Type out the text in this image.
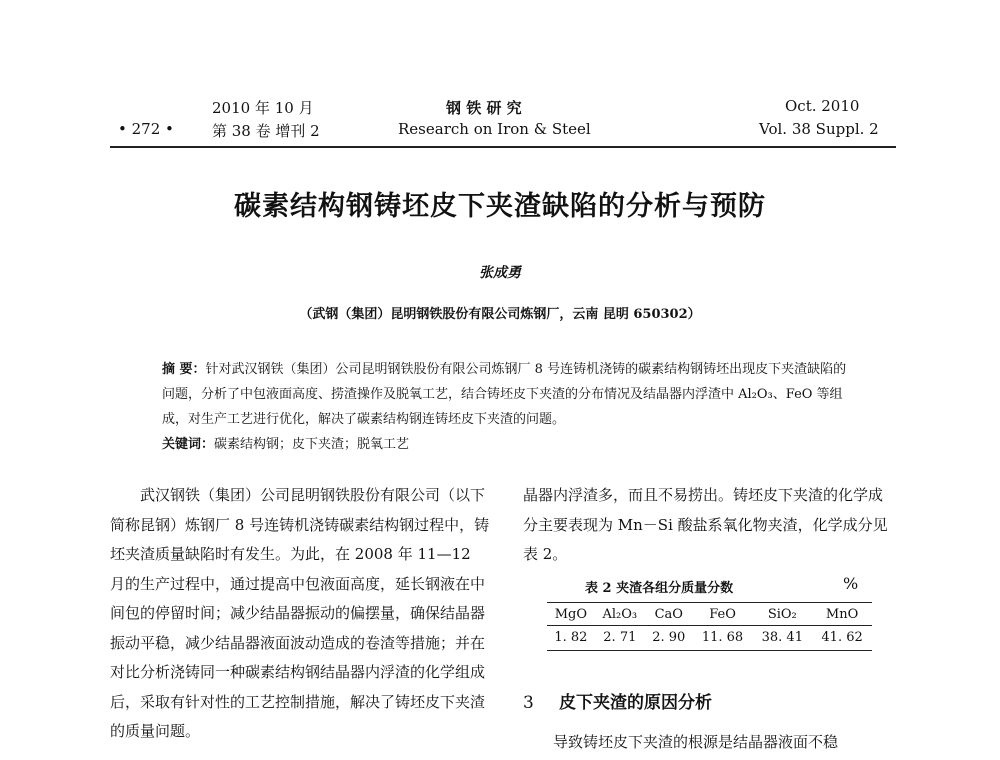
• 272 •
2010 年 10 月
第 38 卷 增刊 2
钢 铁 研 究
Research on Iron & Steel
Oct. 2010
Vol. 38 Suppl. 2
碳素结构钢铸坯皮下夹渣缺陷的分析与预防
张成勇
（武钢（集团）昆明钢铁股份有限公司炼钢厂，云南 昆明 650302）

摘 要：针对武汉钢铁（集团）公司昆明钢铁股份有限公司炼钢厂 8 号连铸机浇铸的碳素结构钢铸坯出现皮下夹渣缺陷的问题，分析了中包液面高度、捞渣操作及脱氧工艺，结合铸坯皮下夹渣的分布情况及结晶器内浮渣中 Al₂O₃、FeO 等组成，对生产工艺进行优化，解决了碳素结构钢连铸坯皮下夹渣的问题。

关键词：碳素结构钢；皮下夹渣；脱氧工艺

武汉钢铁（集团）公司昆明钢铁股份有限公司（以下简称昆钢）炼钢厂 8 号连铸机浇铸碳素结构钢过程中，铸坯夹渣质量缺陷时有发生。为此，在 2008 年 11—12 月的生产过程中，通过提高中包液面高度，延长钢液在中间包的停留时间；减少结晶器振动的偏摆量，确保结晶器振动平稳，减少结晶器液面波动造成的卷渣等措施；并在对比分析浇铸同一种碳素结构钢结晶器内浮渣的化学组成后，采取有针对性的工艺控制措施，解决了铸坯皮下夹渣的质量问题。

晶器内浮渣多，而且不易捞出。铸坯皮下夹渣的化学成分主要表现为 Mn－Si 酸盐系氧化物夹渣，化学成分见表 2。

表 2 夹渣各组分质量分数	%
MgO	Al₂O₃	CaO	FeO	SiO₂	MnO
1. 82	2. 71	2. 90	11. 68	38. 41	41. 62
3 皮下夹渣的原因分析

导致铸坯皮下夹渣的根源是结晶器液面不稳
